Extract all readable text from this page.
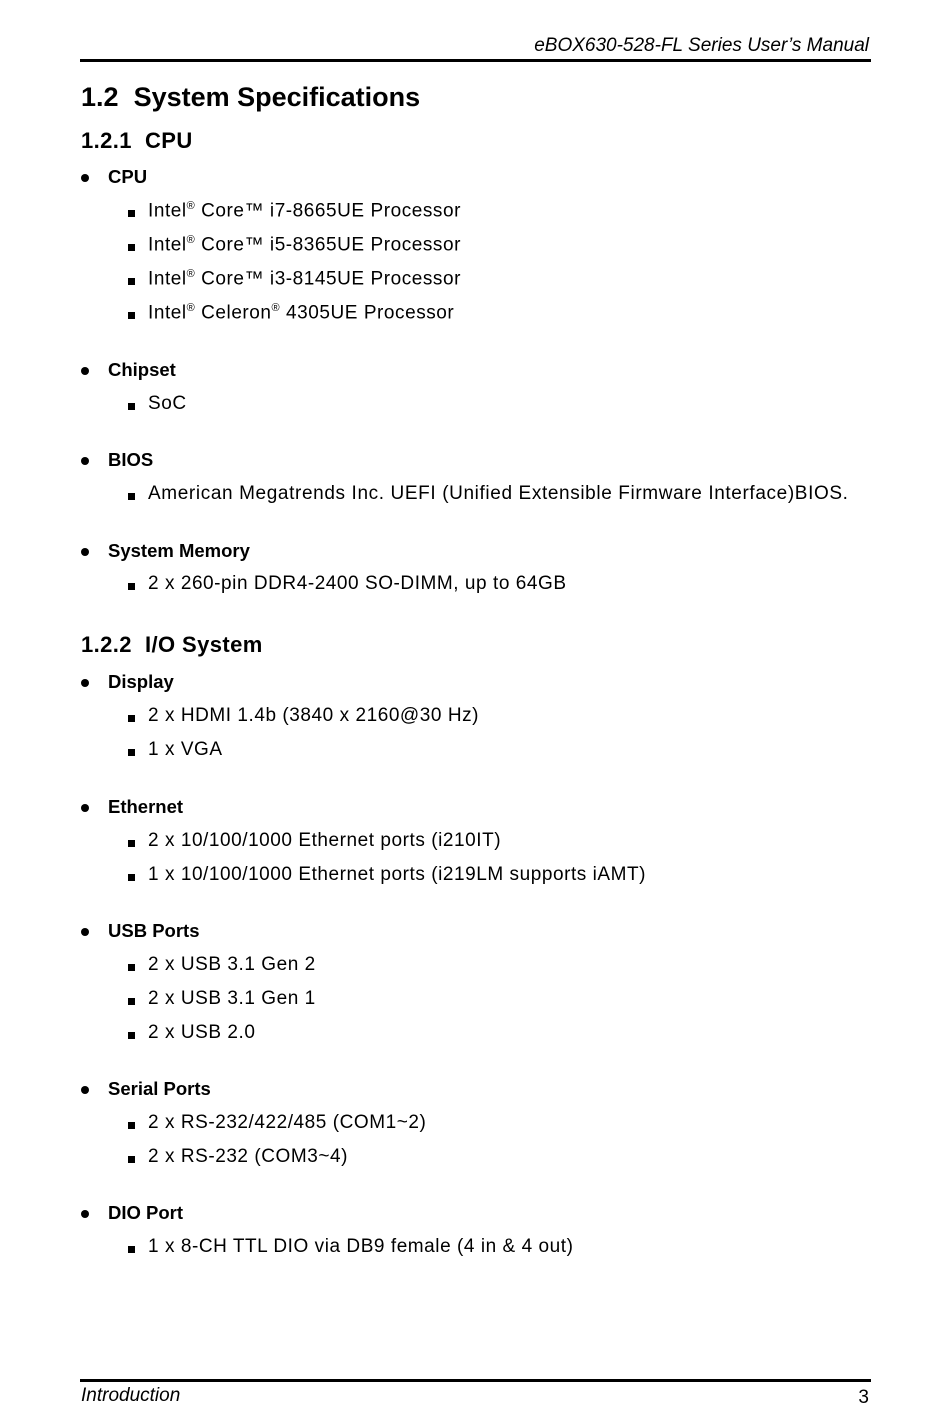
eBOX630-528-FL Series User’s Manual
1.2 System Specifications
1.2.1 CPU
CPU
Intel® Core™ i7-8665UE Processor
Intel® Core™ i5-8365UE Processor
Intel® Core™ i3-8145UE Processor
Intel® Celeron® 4305UE Processor
Chipset
SoC
BIOS
American Megatrends Inc. UEFI (Unified Extensible Firmware Interface)BIOS.
System Memory
2 x 260-pin DDR4-2400 SO-DIMM, up to 64GB
1.2.2 I/O System
Display
2 x HDMI 1.4b (3840 x 2160@30 Hz)
1 x VGA
Ethernet
2 x 10/100/1000 Ethernet ports (i210IT)
1 x 10/100/1000 Ethernet ports (i219LM supports iAMT)
USB Ports
2 x USB 3.1 Gen 2
2 x USB 3.1 Gen 1
2 x USB 2.0
Serial Ports
2 x RS-232/422/485 (COM1~2)
2 x RS-232 (COM3~4)
DIO Port
1 x 8-CH TTL DIO via DB9 female (4 in & 4 out)
Introduction	3
